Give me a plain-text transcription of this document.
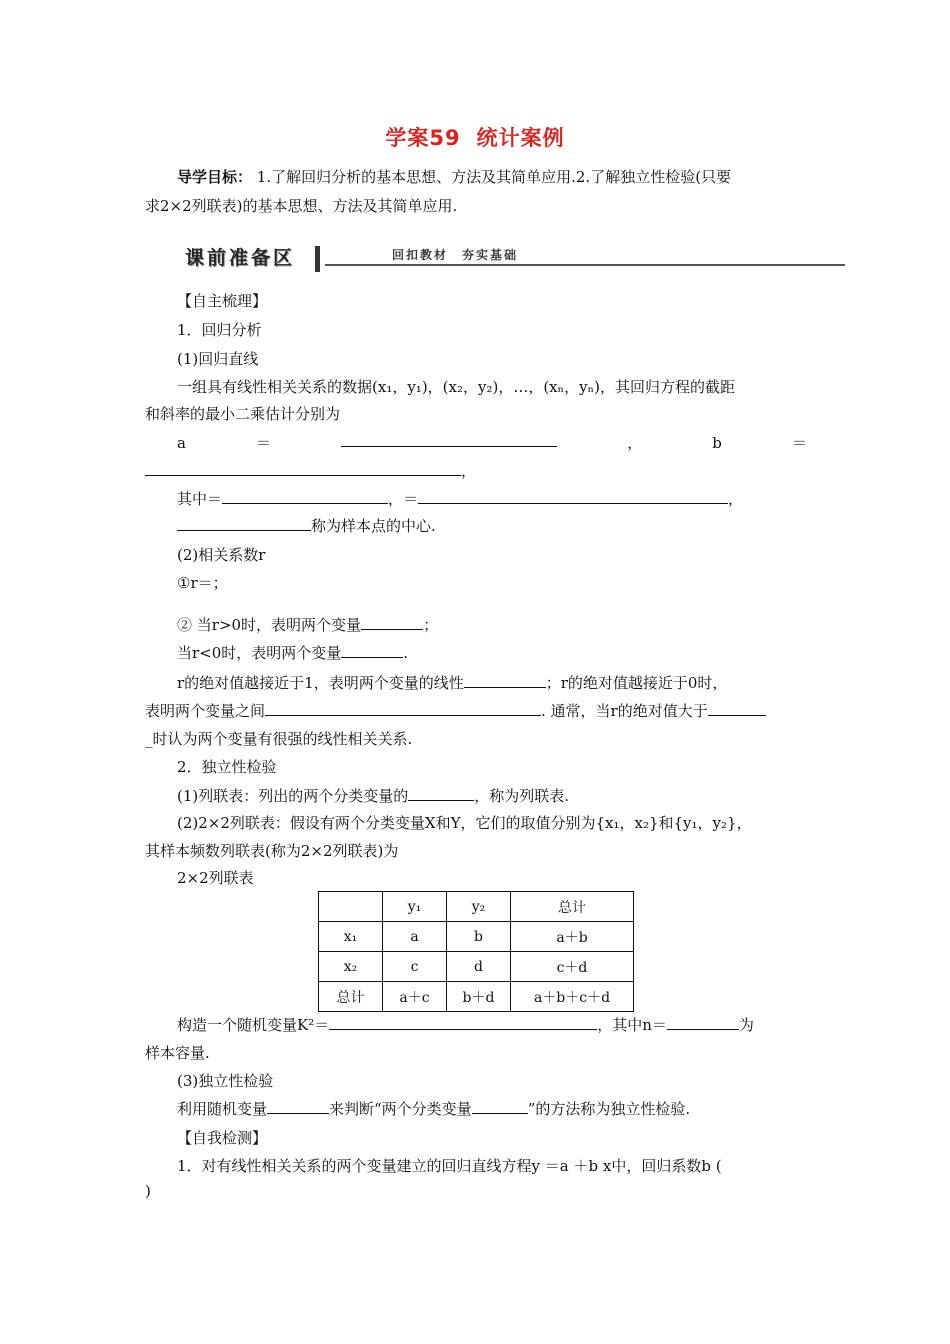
学案59 统计案例
导学目标： 1.了解回归分析的基本思想、方法及其简单应用.2.了解独立性检验(只要
求2×2列联表)的基本思想、方法及其简单应用.
课前准备区	回扣教材　夯实基础
【自主梳理】
1．回归分析
(1)回归直线
一组具有线性相关关系的数据(x₁，y₁)，(x₂，y₂)，…，(xₙ，yₙ)，其回归方程的截距
和斜率的最小二乘估计分别为
a	＝	，	b	＝
，
其中＝	，＝	，
称为样本点的中心.
(2)相关系数r
①r＝；
② 当r>0时，表明两个变量	；
当r<0时，表明两个变量	.
r的绝对值越接近于1，表明两个变量的线性	；r的绝对值越接近于0时，
表明两个变量之间	. 通常，当r的绝对值大于
_时认为两个变量有很强的线性相关关系.
2．独立性检验
(1)列联表：列出的两个分类变量的	，称为列联表.
(2)2×2列联表：假设有两个分类变量X和Y，它们的取值分别为{x₁，x₂}和{y₁，y₂}，
其样本频数列联表(称为2×2列联表)为
2×2列联表
	y₁	y₂	总计
x₁	a	b	a＋b
x₂	c	d	c＋d
总计	a＋c	b＋d	a＋b＋c＋d
构造一个随机变量K²＝	，其中n＝	为
样本容量.
(3)独立性检验
利用随机变量	来判断“两个分类变量	”的方法称为独立性检验.
【自我检测】
1．对有线性相关关系的两个变量建立的回归直线方程y ＝a ＋b x中，回归系数b (
)
